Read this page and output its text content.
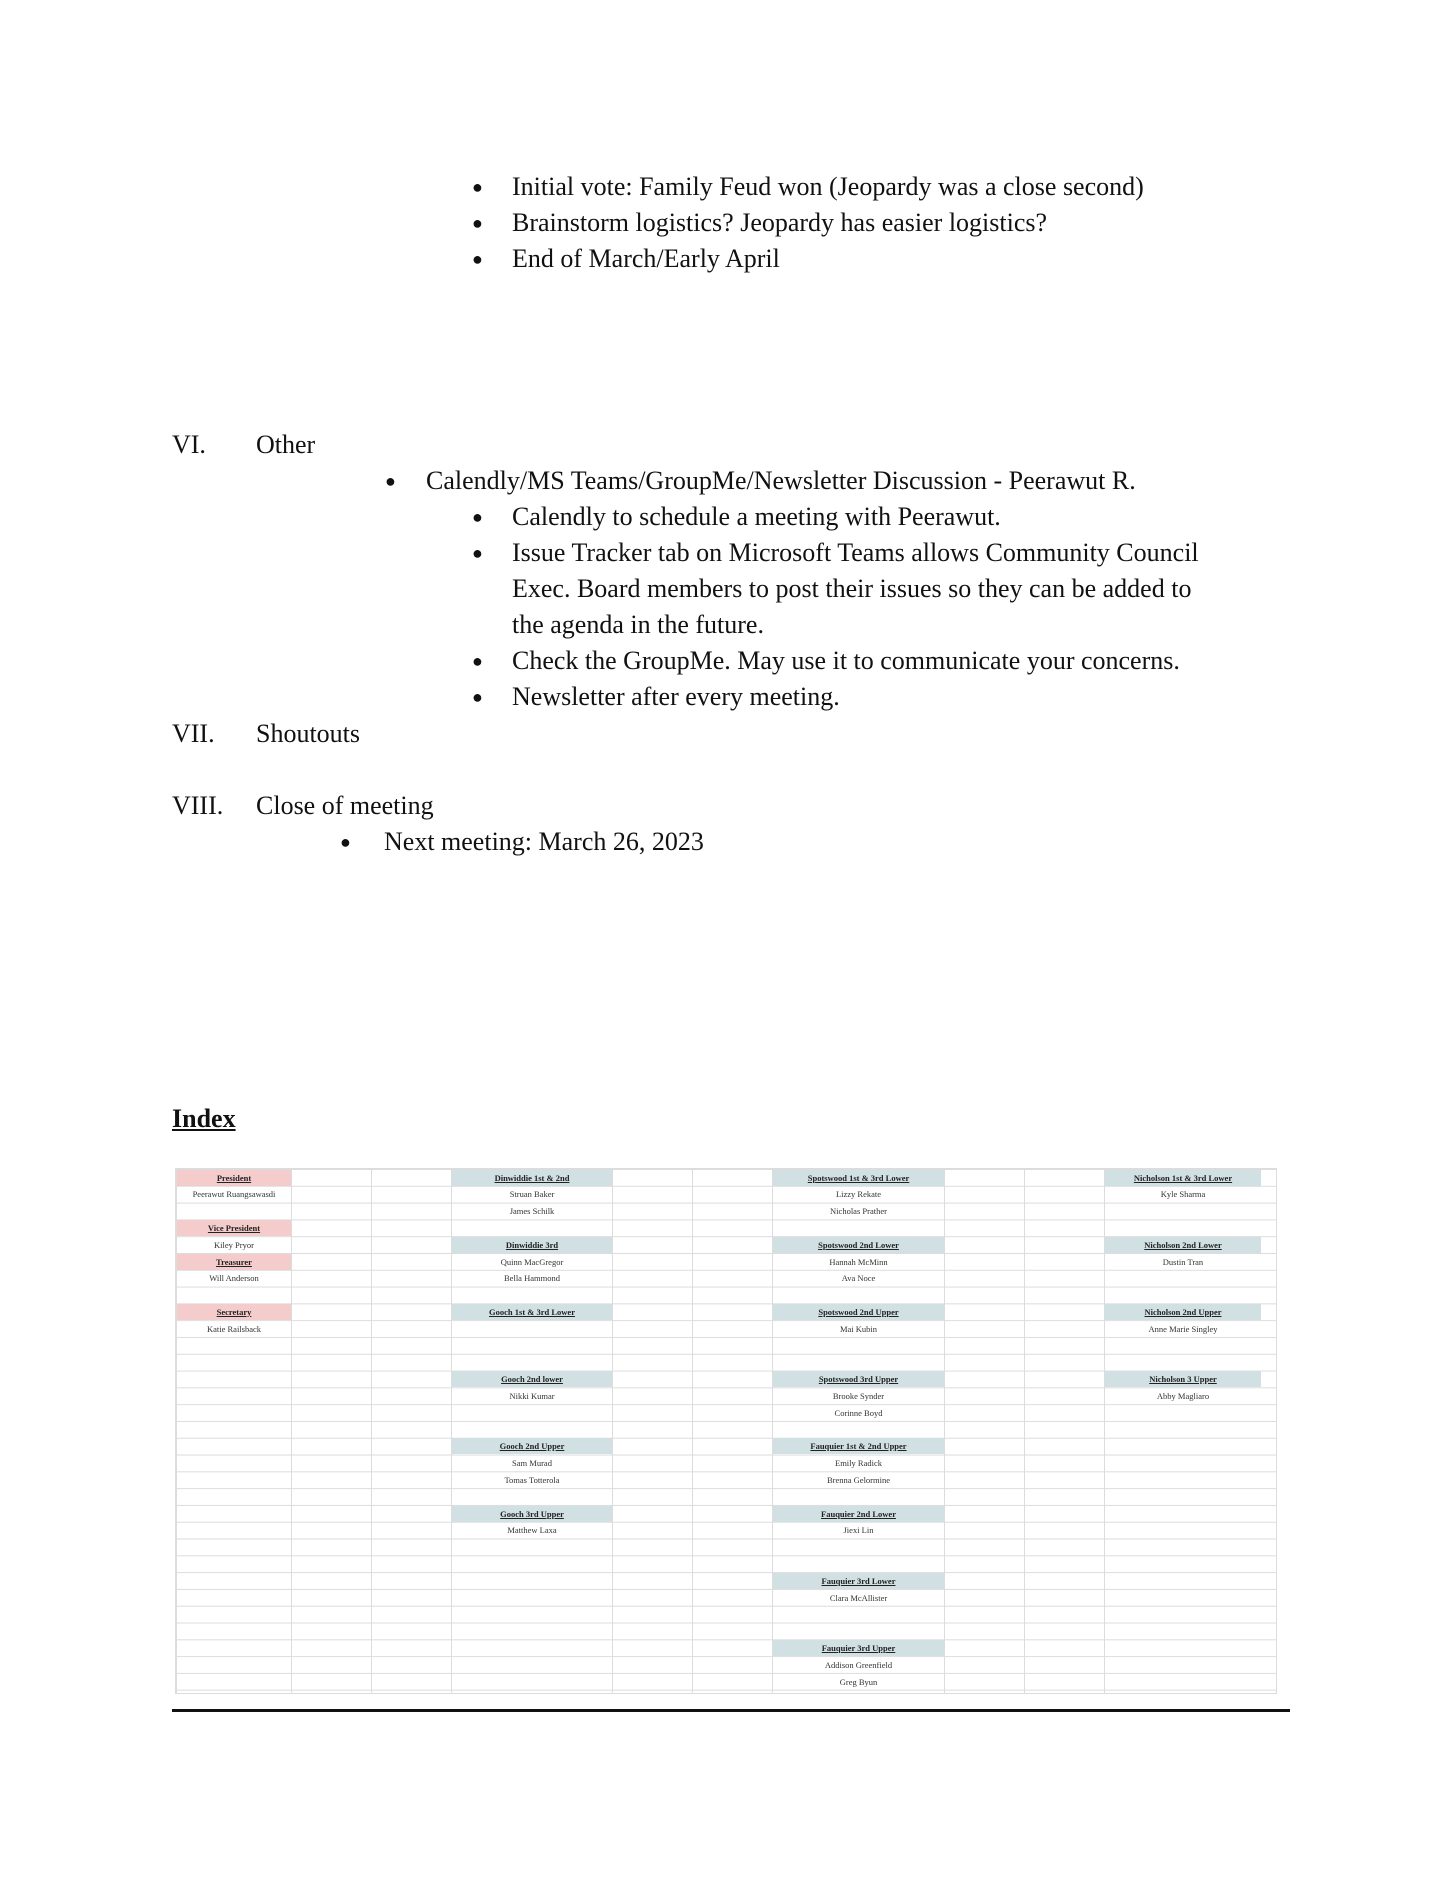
● Initial vote: Family Feud won (Jeopardy was a close second)
● Brainstorm logistics? Jeopardy has easier logistics?
● End of March/Early April
VI. Other
● Calendly/MS Teams/GroupMe/Newsletter Discussion - Peerawut R.
● Calendly to schedule a meeting with Peerawut.
● Issue Tracker tab on Microsoft Teams allows Community Council
Exec. Board members to post their issues so they can be added to
the agenda in the future.
● Check the GroupMe. May use it to communicate your concerns.
● Newsletter after every meeting.
VII. Shoutouts
VIII. Close of meeting
● Next meeting: March 26, 2023
Index
President
Peerawut Ruangsawasdi
Vice President
Kiley Pryor
Treasurer
Will Anderson
Secretary
Katie Railsback
Dinwiddie 1st & 2nd
Struan Baker
James Schilk
Dinwiddie 3rd
Quinn MacGregor
Bella Hammond
Gooch 1st & 3rd Lower
Gooch 2nd lower
Nikki Kumar
Gooch 2nd Upper
Sam Murad
Tomas Totterola
Gooch 3rd Upper
Matthew Laxa
Spotswood 1st & 3rd Lower
Lizzy Rekate
Nicholas Prather
Spotswood 2nd Lower
Hannah McMinn
Ava Noce
Spotswood 2nd Upper
Mai Kubin
Spotswood 3rd Upper
Brooke Synder
Corinne Boyd
Fauquier 1st & 2nd Upper
Emily Radick
Brenna Gelormine
Fauquier 2nd Lower
Jiexi Lin
Fauquier 3rd Lower
Clara McAllister
Fauquier 3rd Upper
Addison Greenfield
Greg Byun
Nicholson 1st & 3rd Lower
Kyle Sharma
Nicholson 2nd Lower
Dustin Tran
Nicholson 2nd Upper
Anne Marie Singley
Nicholson 3 Upper
Abby Magliaro
